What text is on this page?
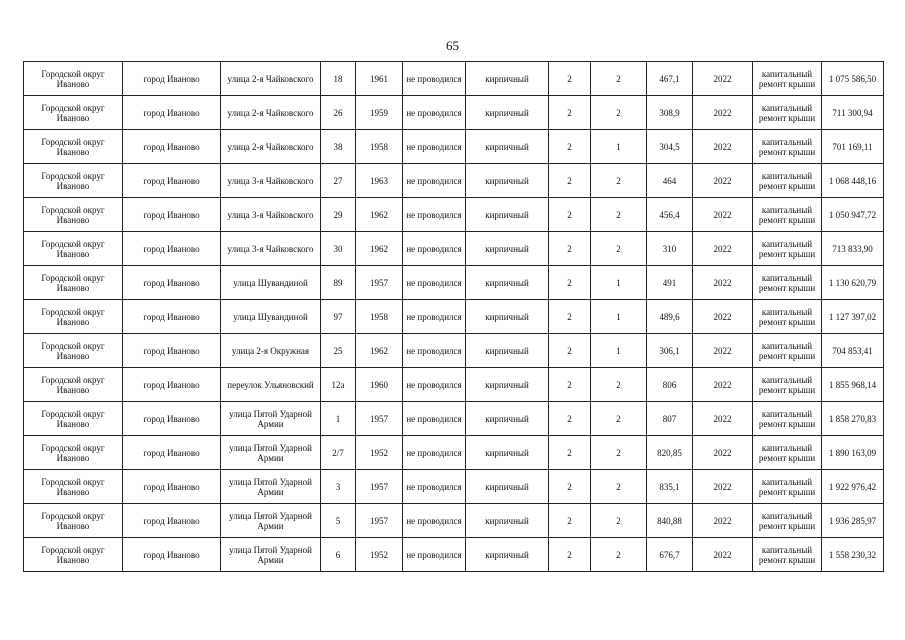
65
Городской округ Иваново	город Иваново	улица 2-я Чайковского	18	1961	не проводился	кирпичный	2	2	467,1	2022	капитальный ремонт крыши	1 075 586,50
Городской округ Иваново	город Иваново	улица 2-я Чайковского	26	1959	не проводился	кирпичный	2	2	308,9	2022	капитальный ремонт крыши	711 300,94
Городской округ Иваново	город Иваново	улица 2-я Чайковского	38	1958	не проводился	кирпичный	2	1	304,5	2022	капитальный ремонт крыши	701 169,11
Городской округ Иваново	город Иваново	улица 3-я Чайковского	27	1963	не проводился	кирпичный	2	2	464	2022	капитальный ремонт крыши	1 068 448,16
Городской округ Иваново	город Иваново	улица 3-я Чайковского	29	1962	не проводился	кирпичный	2	2	456,4	2022	капитальный ремонт крыши	1 050 947,72
Городской округ Иваново	город Иваново	улица 3-я Чайковского	30	1962	не проводился	кирпичный	2	2	310	2022	капитальный ремонт крыши	713 833,90
Городской округ Иваново	город Иваново	улица Шувандиной	89	1957	не проводился	кирпичный	2	1	491	2022	капитальный ремонт крыши	1 130 620,79
Городской округ Иваново	город Иваново	улица Шувандиной	97	1958	не проводился	кирпичный	2	1	489,6	2022	капитальный ремонт крыши	1 127 397,02
Городской округ Иваново	город Иваново	улица 2-я Окружная	25	1962	не проводился	кирпичный	2	1	306,1	2022	капитальный ремонт крыши	704 853,41
Городской округ Иваново	город Иваново	переулок Ульяновский	12а	1960	не проводился	кирпичный	2	2	806	2022	капитальный ремонт крыши	1 855 968,14
Городской округ Иваново	город Иваново	улица Пятой Ударной Армии	1	1957	не проводился	кирпичный	2	2	807	2022	капитальный ремонт крыши	1 858 270,83
Городской округ Иваново	город Иваново	улица Пятой Ударной Армии	2/7	1952	не проводился	кирпичный	2	2	820,85	2022	капитальный ремонт крыши	1 890 163,09
Городской округ Иваново	город Иваново	улица Пятой Ударной Армии	3	1957	не проводился	кирпичный	2	2	835,1	2022	капитальный ремонт крыши	1 922 976,42
Городской округ Иваново	город Иваново	улица Пятой Ударной Армии	5	1957	не проводился	кирпичный	2	2	840,88	2022	капитальный ремонт крыши	1 936 285,97
Городской округ Иваново	город Иваново	улица Пятой Ударной Армии	6	1952	не проводился	кирпичный	2	2	676,7	2022	капитальный ремонт крыши	1 558 230,32
